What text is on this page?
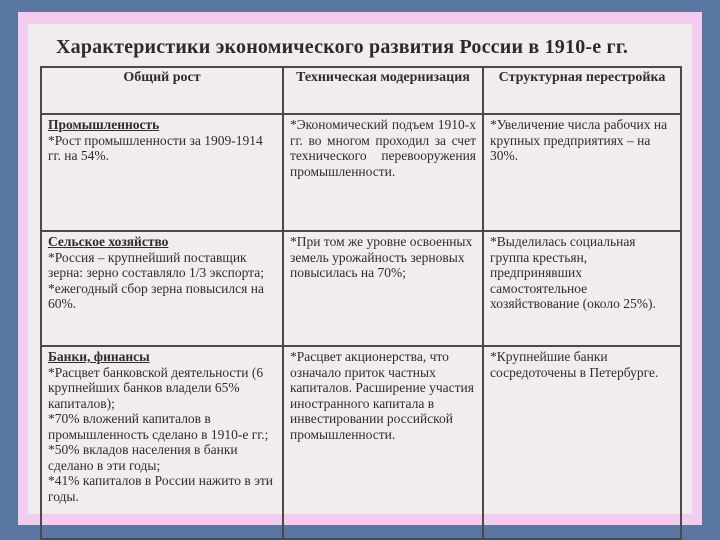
Характеристики экономического развития России в 1910-е гг.
Общий рост	Техническая модернизация	Структурная перестройка

Промышленность
*Рост промышленности за 1909-1914 гг. на 54%.	*Экономический подъем 1910-х гг. во многом проходил за счет технического перевооружения промышленности.	*Увеличение числа рабочих на крупных предприятиях – на 30%.

Сельское хозяйство
*Россия – крупнейший поставщик зерна: зерно составляло 1/3 экспорта;
*ежегодный сбор зерна повысился на 60%.	*При том же уровне освоенных земель урожайность зерновых повысилась на 70%;	*Выделилась социальная группа крестьян, предпринявших самостоятельное хозяйствование (около 25%).

Банки, финансы
*Расцвет банковской деятельности (6 крупнейших банков владели 65% капиталов);
*70% вложений капиталов в промышленность сделано в 1910-е гг.;
*50% вкладов населения в банки сделано в эти годы;
*41% капиталов в России нажито в эти годы.	*Расцвет акционерства, что означало приток частных капиталов. Расширение участия иностранного капитала в инвестировании российской промышленности.	*Крупнейшие банки сосредоточены в Петербурге.
